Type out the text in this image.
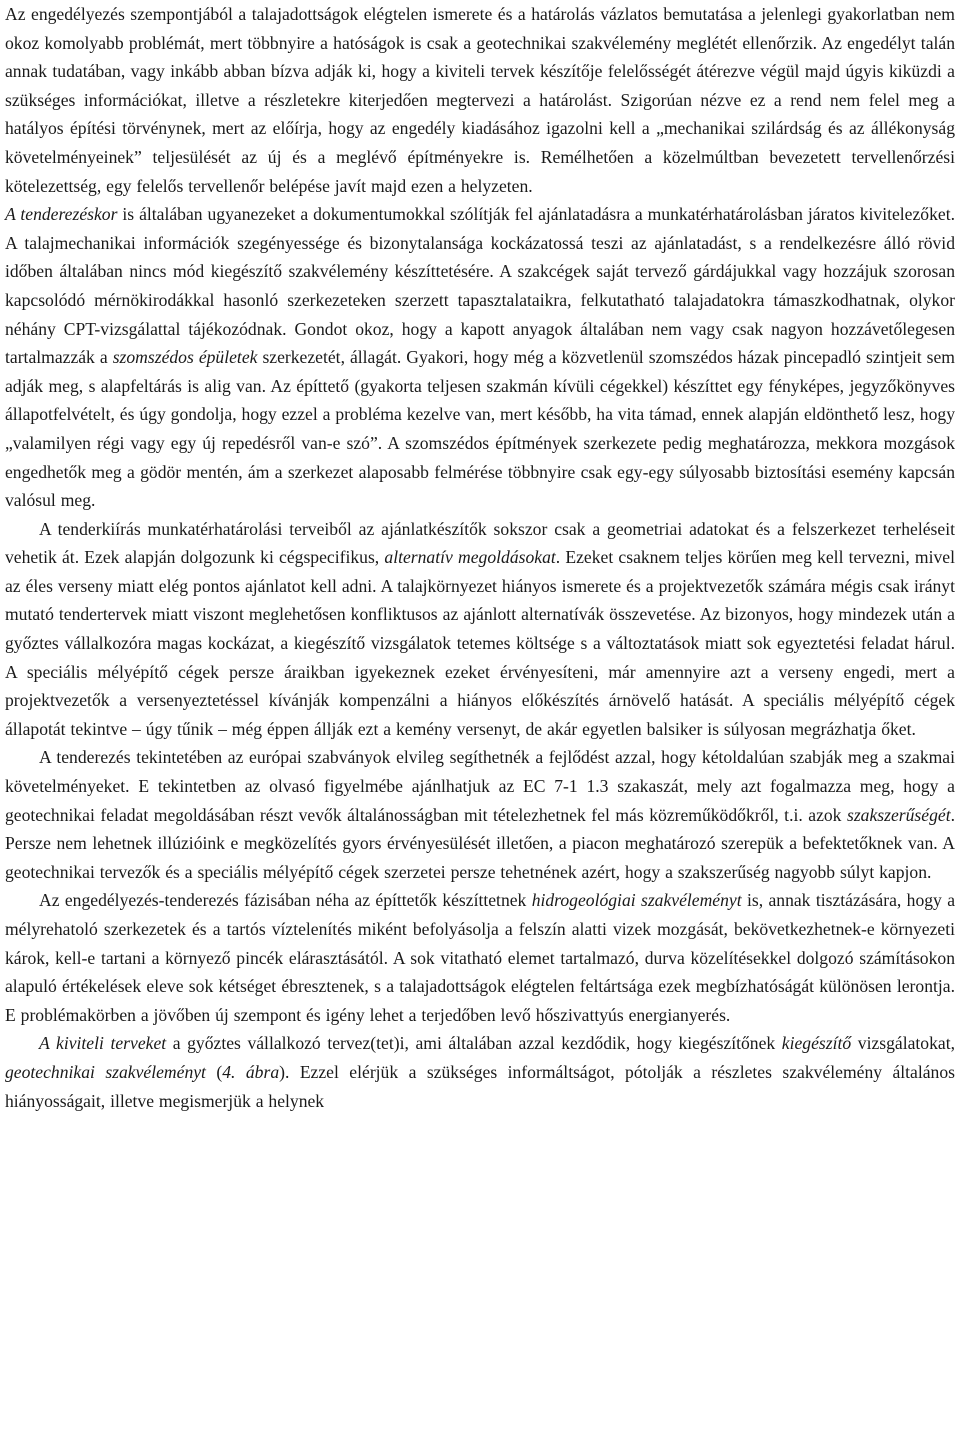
Az engedélyezés szempontjából a talajadottságok elégtelen ismerete és a határolás vázlatos bemutatása a jelenlegi gyakorlatban nem okoz komolyabb problémát, mert többnyire a hatóságok is csak a geotechnikai szakvélemény meglétét ellenőrzik. Az engedélyt talán annak tudatában, vagy inkább abban bízva adják ki, hogy a kiviteli tervek készítője felelősségét átérezve végül majd úgyis kiküzdi a szükséges információkat, illetve a részletekre kiterjedően megtervezi a határolást. Szigorúan nézve ez a rend nem felel meg a hatályos építési törvénynek, mert az előírja, hogy az engedély kiadásához igazolni kell a „mechanikai szilárdság és az állékonyság követelményeinek” teljesülését az új és a meglévő építményekre is. Remélhetően a közelmúltban bevezetett tervellenőrzési kötelezettség, egy felelős tervellenőr belépése javít majd ezen a helyzeten.

A tenderezéskor is általában ugyanezeket a dokumentumokkal szólítják fel ajánlatadásra a munkatérhatárolásban járatos kivitelezőket. A talajmechanikai információk szegényessége és bizonytalansága kockázatossá teszi az ajánlatadást, s a rendelkezésre álló rövid időben általában nincs mód kiegészítő szakvélemény készíttetésére. A szakcégek saját tervező gárdájukkal vagy hozzájuk szorosan kapcsolódó mérnökirodákkal hasonló szerkezeteken szerzett tapasztalataikra, felkutatható talajadatokra támaszkodhatnak, olykor néhány CPT-vizsgálattal tájékozódnak. Gondot okoz, hogy a kapott anyagok általában nem vagy csak nagyon hozzávetőlegesen tartalmazzák a szomszédos épületek szerkezetét, állagát. Gyakori, hogy még a közvetlenül szomszédos házak pincepadló szintjeit sem adják meg, s alapfeltárás is alig van. Az építtető (gyakorta teljesen szakmán kívüli cégekkel) készíttet egy fényképes, jegyzőkönyves állapotfelvételt, és úgy gondolja, hogy ezzel a probléma kezelve van, mert később, ha vita támad, ennek alapján eldönthető lesz, hogy „valamilyen régi vagy egy új repedésről van-e szó”. A szomszédos építmények szerkezete pedig meghatározza, mekkora mozgások engedhetők meg a gödör mentén, ám a szerkezet alaposabb felmérése többnyire csak egy-egy súlyosabb biztosítási esemény kapcsán valósul meg.

A tenderkiírás munkatérhatárolási terveiből az ajánlatkészítők sokszor csak a geometriai adatokat és a felszerkezet terheléseit vehetik át. Ezek alapján dolgozunk ki cégspecifikus, alternatív megoldásokat. Ezeket csaknem teljes körűen meg kell tervezni, mivel az éles verseny miatt elég pontos ajánlatot kell adni. A talajkörnyezet hiányos ismerete és a projektvezetők számára mégis csak irányt mutató tendertervek miatt viszont meglehetősen konfliktusos az ajánlott alternatívák összevetése. Az bizonyos, hogy mindezek után a győztes vállalkozóra magas kockázat, a kiegészítő vizsgálatok tetemes költsége s a változtatások miatt sok egyeztetési feladat hárul. A speciális mélyépítő cégek persze áraikban igyekeznek ezeket érvényesíteni, már amennyire azt a verseny engedi, mert a projektvezetők a versenyeztetéssel kívánják kompenzálni a hiányos előkészítés árnövelő hatását. A speciális mélyépítő cégek állapotát tekintve – úgy tűnik – még éppen állják ezt a kemény versenyt, de akár egyetlen balsiker is súlyosan megrázhatja őket.

A tenderezés tekintetében az európai szabványok elvileg segíthetnék a fejlődést azzal, hogy kétoldalúan szabják meg a szakmai követelményeket. E tekintetben az olvasó figyelmébe ajánlhatjuk az EC 7-1 1.3 szakaszát, mely azt fogalmazza meg, hogy a geotechnikai feladat megoldásában részt vevők általánosságban mit tételezhetnek fel más közreműködőkről, t.i. azok szakszerűségét. Persze nem lehetnek illúzióink e megközelítés gyors érvényesülését illetően, a piacon meghatározó szerepük a befektetőknek van. A geotechnikai tervezők és a speciális mélyépítő cégek szerzetei persze tehetnének azért, hogy a szakszerűség nagyobb súlyt kapjon.

Az engedélyezés-tenderezés fázisában néha az építtetők készíttetnek hidrogeológiai szakvéleményt is, annak tisztázására, hogy a mélyrehatoló szerkezetek és a tartós víztelenítés miként befolyásolja a felszín alatti vizek mozgását, bekövetkezhetnek-e környezeti károk, kell-e tartani a környező pincék elárasztásától. A sok vitatható elemet tartalmazó, durva közelítésekkel dolgozó számításokon alapuló értékelések eleve sok kétséget ébresztenek, s a talajadottságok elégtelen feltártsága ezek megbízhatóságát különösen lerontja. E problémakörben a jövőben új szempont és igény lehet a terjedőben levő hőszivattyús energianyerés.

A kiviteli terveket a győztes vállalkozó tervez(tet)i, ami általában azzal kezdődik, hogy kiegészítőnek kiegészítő vizsgálatokat, geotechnikai szakvéleményt (4. ábra). Ezzel elérjük a szükséges informáltságot, pótolják a részletes szakvélemény általános hiányosságait, illetve megismerjük a helynek
